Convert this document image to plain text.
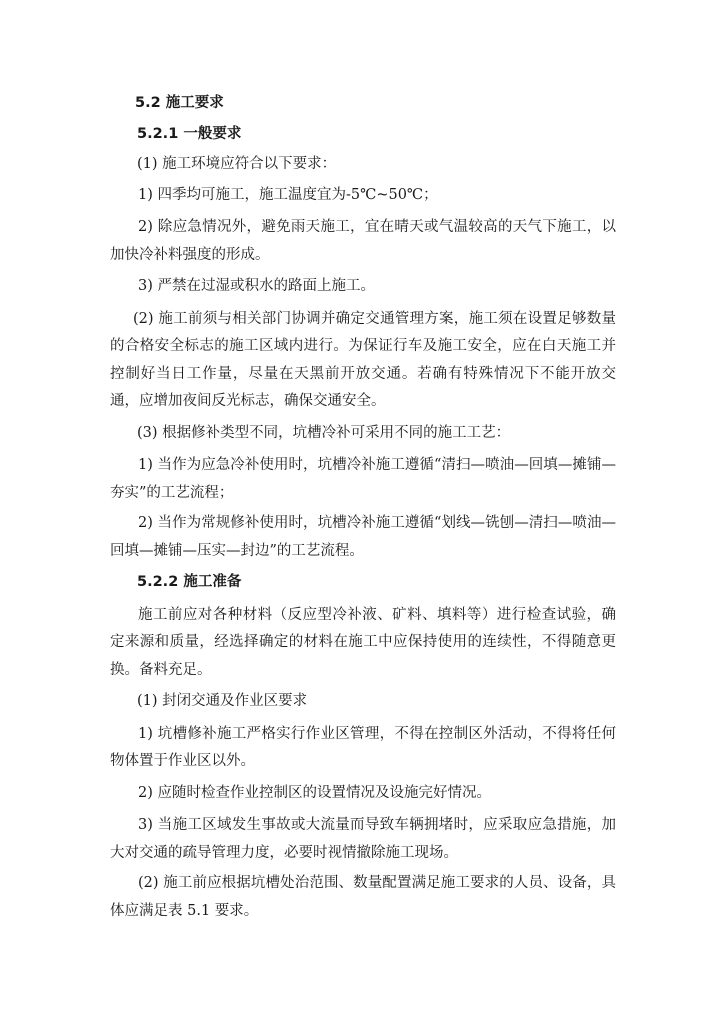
5.2 施工要求
5.2.1 一般要求
(1) 施工环境应符合以下要求：
1) 四季均可施工，施工温度宜为-5℃~50℃；
2) 除应急情况外，避免雨天施工，宜在晴天或气温较高的天气下施工，以加快冷补料强度的形成。
3) 严禁在过湿或积水的路面上施工。
(2) 施工前须与相关部门协调并确定交通管理方案，施工须在设置足够数量的合格安全标志的施工区域内进行。为保证行车及施工安全，应在白天施工并控制好当日工作量，尽量在天黑前开放交通。若确有特殊情况下不能开放交通，应增加夜间反光标志，确保交通安全。
(3) 根据修补类型不同，坑槽冷补可采用不同的施工工艺：
1) 当作为应急冷补使用时，坑槽冷补施工遵循“清扫—喷油—回填—摊铺—夯实”的工艺流程；
2) 当作为常规修补使用时，坑槽冷补施工遵循“划线—铣刨—清扫—喷油—回填—摊铺—压实—封边”的工艺流程。
5.2.2 施工准备
施工前应对各种材料（反应型冷补液、矿料、填料等）进行检查试验，确定来源和质量，经选择确定的材料在施工中应保持使用的连续性，不得随意更换。备料充足。
(1) 封闭交通及作业区要求
1) 坑槽修补施工严格实行作业区管理，不得在控制区外活动，不得将任何物体置于作业区以外。
2) 应随时检查作业控制区的设置情况及设施完好情况。
3) 当施工区域发生事故或大流量而导致车辆拥堵时，应采取应急措施，加大对交通的疏导管理力度，必要时视情撤除施工现场。
(2) 施工前应根据坑槽处治范围、数量配置满足施工要求的人员、设备，具体应满足表 5.1 要求。
